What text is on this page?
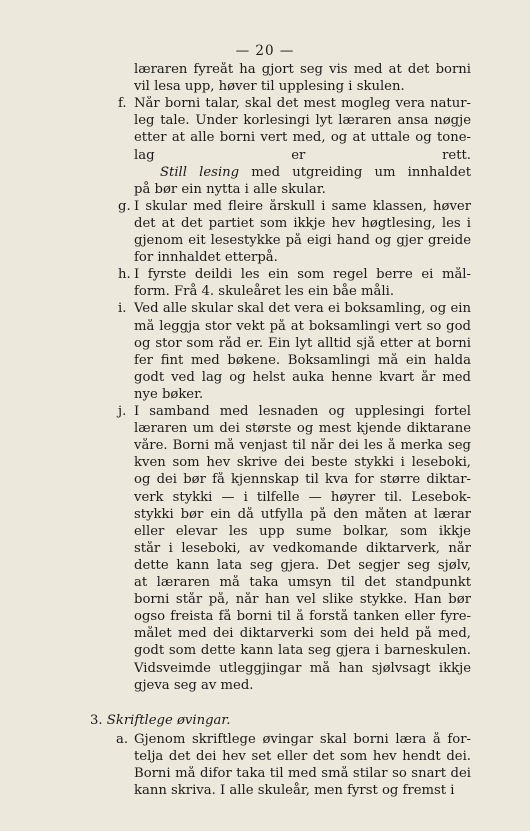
— 20 —
læraren fyreåt ha gjort seg vis med at det borni
vil lesa upp, høver til upplesing i skulen.
f. Når borni talar, skal det mest mogleg vera natur-
leg tale. Under korlesingi lyt læraren ansa nøgje
etter at alle borni vert med, og at uttale og tone-
lag er rett.
Still lesing med utgreiding um innhaldet
på bør ein nytta i alle skular.
g. I skular med fleire årskull i same klassen, høver
det at det partiet som ikkje hev høgtlesing, les i
gjenom eit lesestykke på eigi hand og gjer greide
for innhaldet etterpå.
h. I fyrste deildi les ein som regel berre ei mål-
form. Frå 4. skuleåret les ein båe måli.
i. Ved alle skular skal det vera ei boksamling, og ein
må leggja stor vekt på at boksamlingi vert so god
og stor som råd er. Ein lyt alltid sjå etter at borni
fer fint med bøkene. Boksamlingi må ein halda
godt ved lag og helst auka henne kvart år med
nye bøker.
j. I samband med lesnaden og upplesingi fortel
læraren um dei største og mest kjende diktarane
våre. Borni må venjast til når dei les å merka seg
kven som hev skrive dei beste stykki i leseboki,
og dei bør få kjennskap til kva for større diktar-
verk stykki — i tilfelle — høyrer til. Lesebok-
stykki bør ein då utfylla på den måten at lærar
eller elevar les upp sume bolkar, som ikkje
står i leseboki, av vedkomande diktarverk, når
dette kann lata seg gjera. Det segjer seg sjølv,
at læraren må taka umsyn til det standpunkt
borni står på, når han vel slike stykke. Han bør
ogso freista få borni til å forstå tanken eller fyre-
målet med dei diktarverki som dei held på med,
godt som dette kann lata seg gjera i barneskulen.
Vidsveimde utleggjingar må han sjølvsagt ikkje
gjeva seg av med.
3. Skriftlege øvingar.
a. Gjenom skriftlege øvingar skal borni læra å for-
telja det dei hev set eller det som hev hendt dei.
Borni må difor taka til med små stilar so snart dei
kann skriva. I alle skuleår, men fyrst og fremst i
